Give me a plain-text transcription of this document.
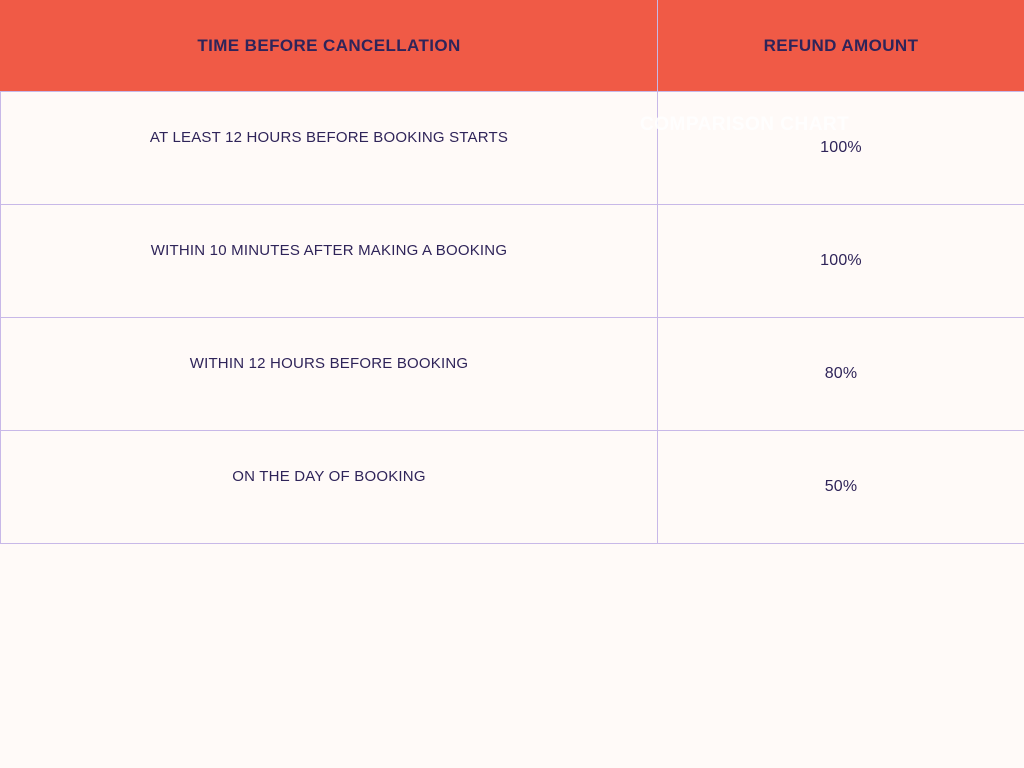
TIME BEFORE CANCELLATION	REFUND AMOUNT

AT LEAST 12 HOURS BEFORE BOOKING STARTS	100%

WITHIN 10 MINUTES AFTER MAKING A BOOKING	100%

WITHIN 12 HOURS BEFORE BOOKING	80%

ON THE DAY OF BOOKING	50%
COMPARISON CHART
